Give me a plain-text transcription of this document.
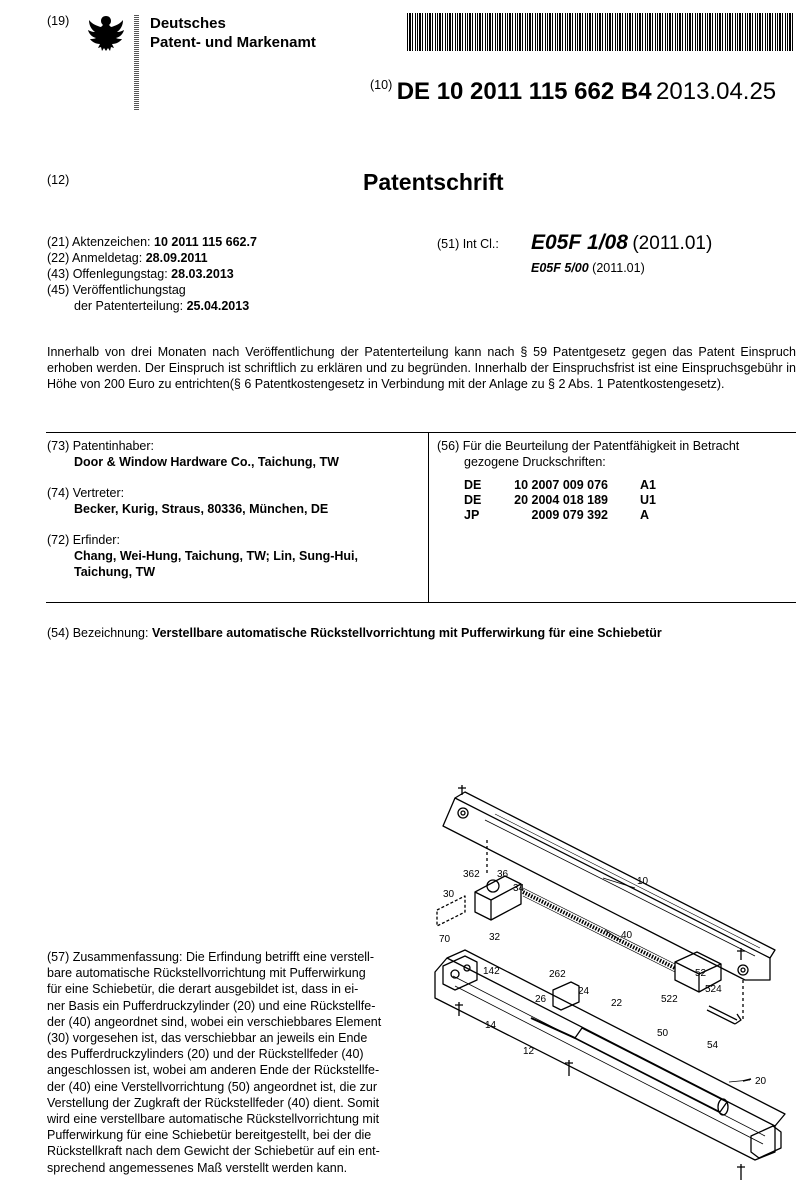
(19)	Deutsches
Patent- und Markenamt
$^{(10)}$ DE 10 2011 115 662 B4 2013.04.25
(12)	Patentschrift
(21) Aktenzeichen: 10 2011 115 662.7
(22) Anmeldetag: 28.09.2011
(43) Offenlegungstag: 28.03.2013
(45) Veröffentlichungstag
der Patenterteilung: 25.04.2013
(51) Int Cl.: E05F 1/08 (2011.01)
E05F 5/00 (2011.01)
Innerhalb von drei Monaten nach Veröffentlichung der Patenterteilung kann nach § 59 Patentgesetz gegen das Patent Einspruch erhoben werden. Der Einspruch ist schriftlich zu erklären und zu begründen. Innerhalb der Einspruchsfrist ist eine Einspruchsgebühr in Höhe von 200 Euro zu entrichten(§ 6 Patentkostengesetz in Verbindung mit der Anlage zu § 2 Abs. 1 Patentkostengesetz).
(73) Patentinhaber:
Door & Window Hardware Co., Taichung, TW
(74) Vertreter:
Becker, Kurig, Straus, 80336, München, DE
(72) Erfinder:
Chang, Wei-Hung, Taichung, TW; Lin, Sung-Hui,
Taichung, TW
(56) Für die Beurteilung der Patentfähigkeit in Betracht
gezogene Druckschriften:
DE	10 2007 009 076	A1
DE	20 2004 018 189	U1
JP	2009 079 392	A
(54) Bezeichnung: Verstellbare automatische Rückstellvorrichtung mit Pufferwirkung für eine Schiebetür
(57) Zusammenfassung: Die Erfindung betrifft eine verstell-
bare automatische Rückstellvorrichtung mit Pufferwirkung
für eine Schiebetür, die derart ausgebildet ist, dass in ei-
ner Basis ein Pufferdruckzylinder (20) und eine Rückstellfe-
der (40) angeordnet sind, wobei ein verschiebbares Element
(30) vorgesehen ist, das verschiebbar an jeweils ein Ende
des Pufferdruckzylinders (20) und der Rückstellfeder (40)
angeschlossen ist, wobei am anderen Ende der Rückstellfe-
der (40) eine Verstellvorrichtung (50) angeordnet ist, die zur
Verstellung der Zugkraft der Rückstellfeder (40) dient. Somit
wird eine verstellbare automatische Rückstellvorrichtung mit
Pufferwirkung für eine Schiebetür bereitgestellt, bei der die
Rückstellkraft nach dem Gewicht der Schiebetür auf ein ent-
sprechend angemessenes Maß verstellt werden kann.
10
362 36
30
34
32
70	40
142	262	52
26
24
22	522
524
14
50
54
12
20
